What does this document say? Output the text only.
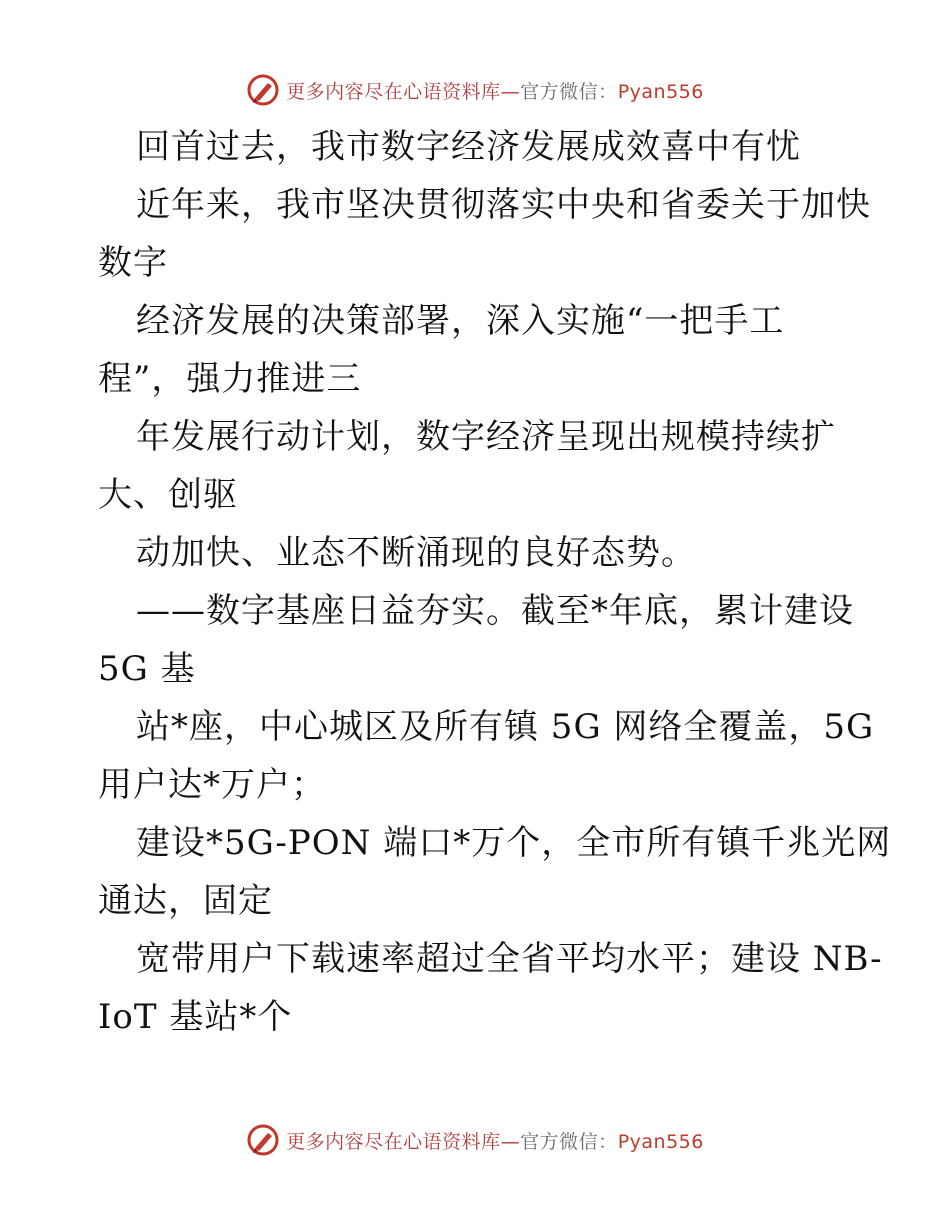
更多内容尽在心语资料库—官方微信：Pyan556
回首过去，我市数字经济发展成效喜中有忧
近年来，我市坚决贯彻落实中央和省委关于加快
数字
经济发展的决策部署，深入实施“一把手工
程”，强力推进三
年发展行动计划，数字经济呈现出规模持续扩
大、创驱
动加快、业态不断涌现的良好态势。
——数字基座日益夯实。截至*年底，累计建设
5G 基
站*座，中心城区及所有镇 5G 网络全覆盖，5G
用户达*万户；
建设*5G-PON 端口*万个，全市所有镇千兆光网
通达，固定
宽带用户下载速率超过全省平均水平；建设 NB-
IoT 基站*个
更多内容尽在心语资料库—官方微信：Pyan556
